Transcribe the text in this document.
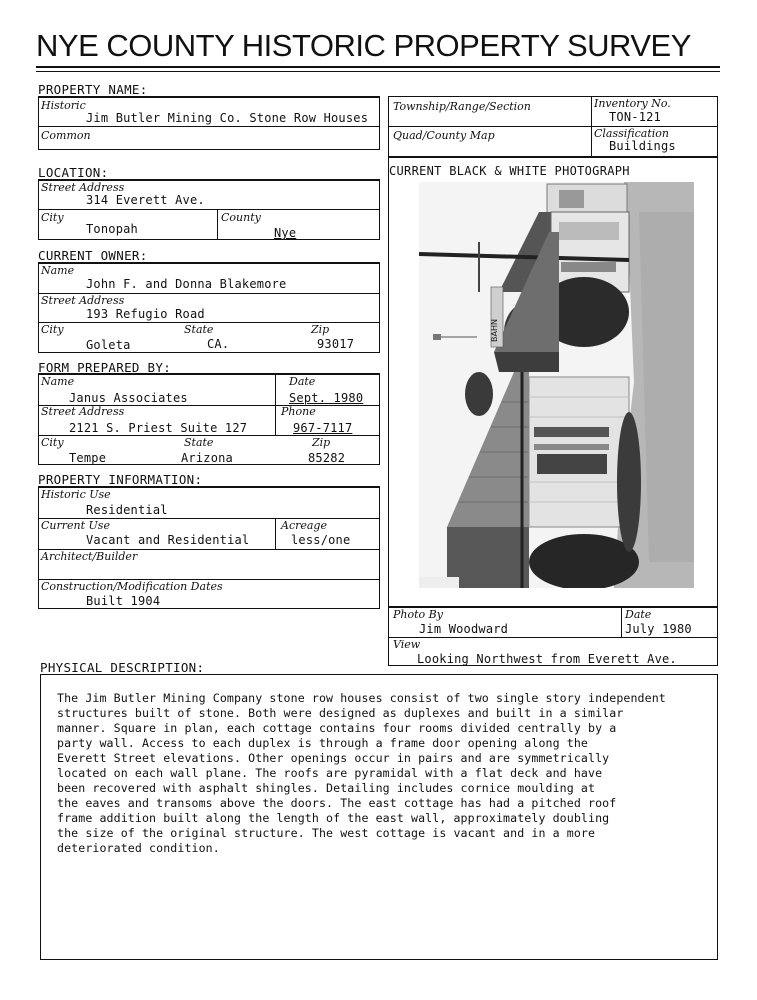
NYE COUNTY HISTORIC PROPERTY SURVEY
PROPERTY NAME:
Historic
Jim Butler Mining Co. Stone Row Houses
Common
LOCATION:
Street Address
314 Everett Ave.
City
Tonopah
County
Nye
CURRENT OWNER:
Name
John F. and Donna Blakemore
Street Address
193 Refugio Road
City
Goleta
State
CA.
Zip
93017
FORM PREPARED BY:
Name
Janus Associates
Date
Sept. 1980
Street Address
2121 S. Priest Suite 127
Phone
967-7117
City
Tempe
State
Arizona
Zip
85282
PROPERTY INFORMATION:
Historic Use
Residential
Current Use
Vacant and Residential
Acreage
less/one
Architect/Builder
Construction/Modification Dates
Built 1904
Township/Range/Section	Inventory No.
TON-121
Quad/County Map	Classification
Buildings
CURRENT BLACK & WHITE PHOTOGRAPH
BAHN
Photo By
Jim Woodward
Date
July 1980
View
Looking Northwest from Everett Ave.
PHYSICAL DESCRIPTION:
The Jim Butler Mining Company stone row houses consist of two single story independent
structures built of stone. Both were designed as duplexes and built in a similar
manner. Square in plan, each cottage contains four rooms divided centrally by a
party wall. Access to each duplex is through a frame door opening along the
Everett Street elevations. Other openings occur in pairs and are symmetrically
located on each wall plane. The roofs are pyramidal with a flat deck and have
been recovered with asphalt shingles. Detailing includes cornice moulding at
the eaves and transoms above the doors. The east cottage has had a pitched roof
frame addition built along the length of the east wall, approximately doubling
the size of the original structure. The west cottage is vacant and in a more
deteriorated condition.
